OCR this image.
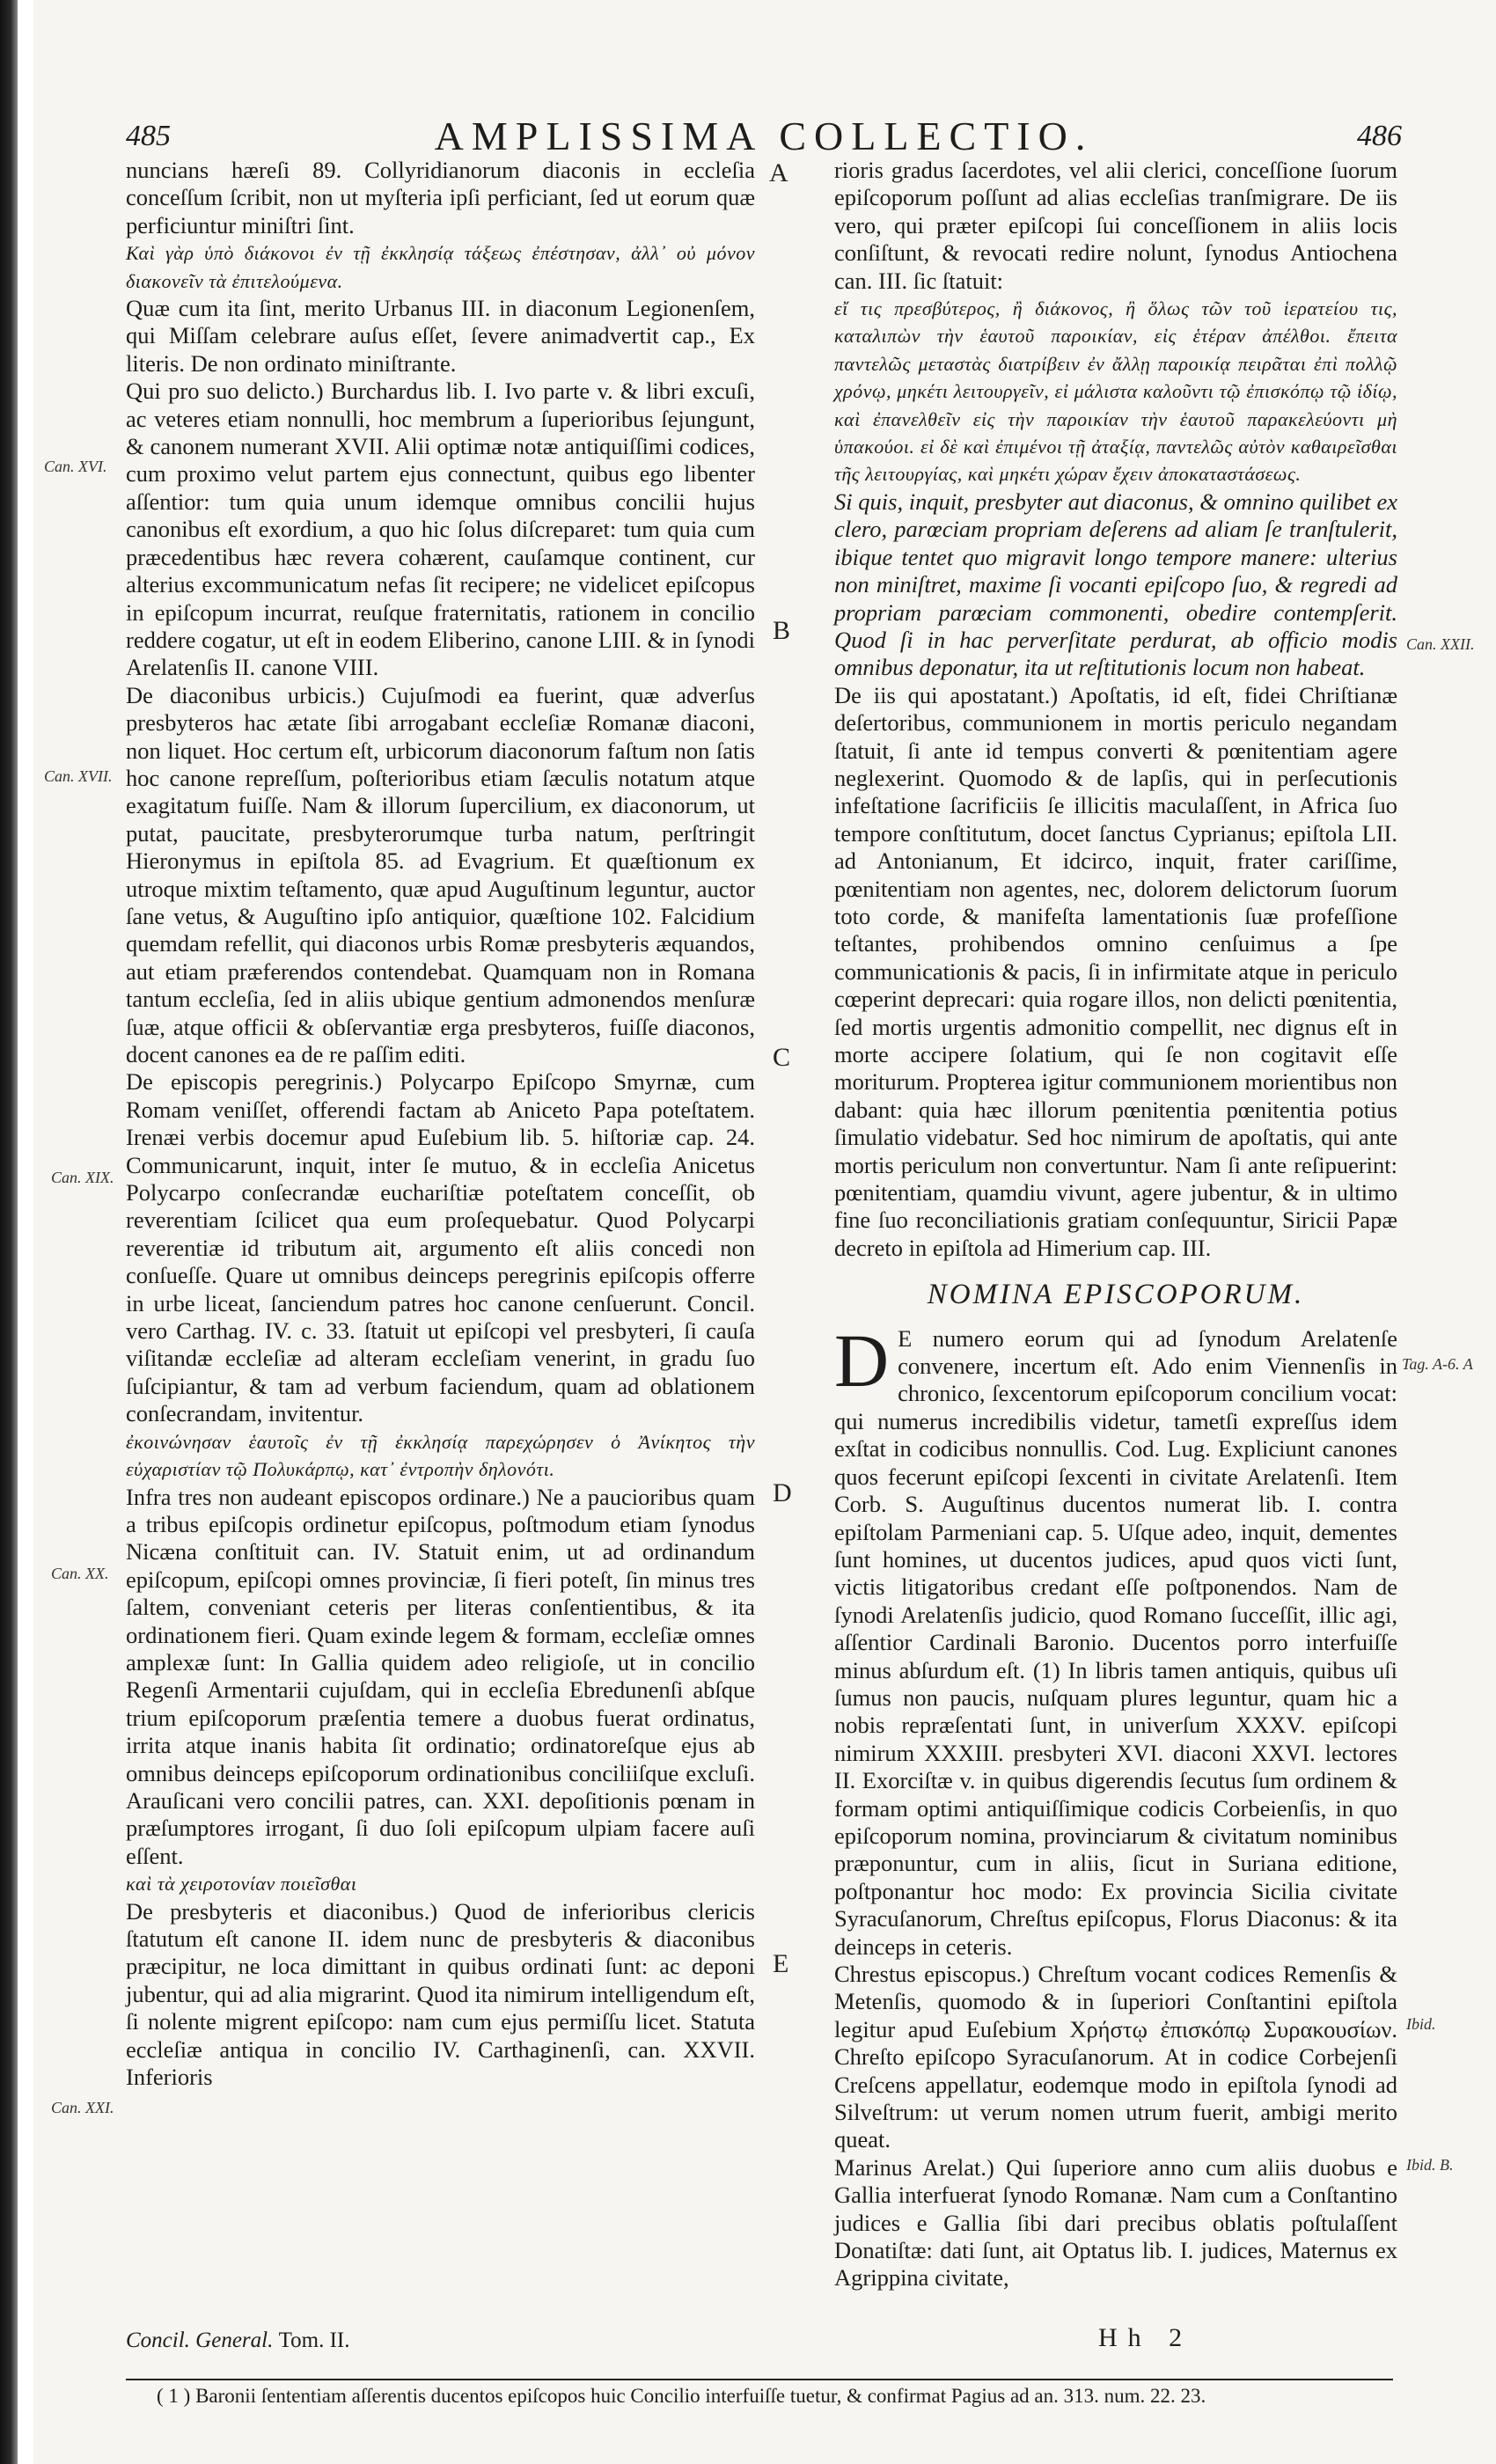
485	AMPLISSIMA COLLECTIO.	486

nuncians hæreſi 89. Collyridianorum diaconis in eccleſia conceſſum ſcribit, non ut myſteria ipſi perficiant, ſed ut eorum quæ perficiuntur miniſtri ſint.

Καὶ γὰρ ὑπὸ διάκονοι ἐν τῇ ἐκκλησίᾳ τάξεως ἐπέστησαν, ἀλλ᾽ οὐ μόνον διακονεῖν τὰ ἐπιτελούμενα.

Quæ cum ita ſint, merito Urbanus III. in diaconum Legionenſem, qui Miſſam celebrare auſus eſſet, ſevere animadvertit cap., Ex literis. De non ordinato miniſtrante.

Qui pro suo delicto.) Burchardus lib. I. Ivo parte v. & libri excuſi, ac veteres etiam nonnulli, hoc membrum a ſuperioribus ſejungunt, & canonem numerant XVII. Alii optimæ notæ antiquiſſimi codices, cum proximo velut partem ejus connectunt, quibus ego libenter aſſentior: tum quia unum idemque omnibus concilii hujus canonibus eſt exordium, a quo hic ſolus diſcreparet: tum quia cum præcedentibus hæc revera cohærent, cauſamque continent, cur alterius excommunicatum nefas ſit recipere; ne videlicet epiſcopus in epiſcopum incurrat, reuſque fraternitatis, rationem in concilio reddere cogatur, ut eſt in eodem Eliberino, canone LIII. & in ſynodi Arelatenſis II. canone VIII.

De diaconibus urbicis.) Cujuſmodi ea fuerint, quæ adverſus presbyteros hac ætate ſibi arrogabant eccleſiæ Romanæ diaconi, non liquet. Hoc certum eſt, urbicorum diaconorum faſtum non ſatis hoc canone repreſſum, poſterioribus etiam ſæculis notatum atque exagitatum fuiſſe. Nam & illorum ſupercilium, ex diaconorum, ut putat, paucitate, presbyterorumque turba natum, perſtringit Hieronymus in epiſtola 85. ad Evagrium. Et quæſtionum ex utroque mixtim teſtamento, quæ apud Auguſtinum leguntur, auctor ſane vetus, & Auguſtino ipſo antiquior, quæſtione 102. Falcidium quemdam refellit, qui diaconos urbis Romæ presbyteris æquandos, aut etiam præferendos contendebat. Quamquam non in Romana tantum eccleſia, ſed in aliis ubique gentium admonendos menſuræ ſuæ, atque officii & obſervantiæ erga presbyteros, fuiſſe diaconos, docent canones ea de re paſſim editi.

De episcopis peregrinis.) Polycarpo Epiſcopo Smyrnæ, cum Romam veniſſet, offerendi factam ab Aniceto Papa poteſtatem. Irenæi verbis docemur apud Euſebium lib. 5. hiſtoriæ cap. 24. Communicarunt, inquit, inter ſe mutuo, & in eccleſia Anicetus Polycarpo conſecrandæ euchariſtiæ poteſtatem conceſſit, ob reverentiam ſcilicet qua eum proſequebatur. Quod Polycarpi reverentiæ id tributum ait, argumento eſt aliis concedi non conſueſſe. Quare ut omnibus deinceps peregrinis epiſcopis offerre in urbe liceat, ſanciendum patres hoc canone cenſuerunt. Concil. vero Carthag. IV. c. 33. ſtatuit ut epiſcopi vel presbyteri, ſi cauſa viſitandæ eccleſiæ ad alteram eccleſiam venerint, in gradu ſuo ſuſcipiantur, & tam ad verbum faciendum, quam ad oblationem conſecrandam, invitentur.

ἐκοινώνησαν ἑαυτοῖς ἐν τῇ ἐκκλησίᾳ παρεχώρησεν ὁ Ἀνίκητος τὴν εὐχαριστίαν τῷ Πολυκάρπῳ, κατ᾽ ἐντροπὴν δηλονότι.

Infra tres non audeant episcopos ordinare.) Ne a paucioribus quam a tribus epiſcopis ordinetur epiſcopus, poſtmodum etiam ſynodus Nicæna conſtituit can. IV. Statuit enim, ut ad ordinandum epiſcopum, epiſcopi omnes provinciæ, ſi fieri poteſt, ſin minus tres ſaltem, conveniant ceteris per literas conſentientibus, & ita ordinationem fieri. Quam exinde legem & formam, eccleſiæ omnes amplexæ ſunt: In Gallia quidem adeo religioſe, ut in concilio Regenſi Armentarii cujuſdam, qui in eccleſia Ebredunenſi abſque trium epiſcoporum præſentia temere a duobus fuerat ordinatus, irrita atque inanis habita ſit ordinatio; ordinatoreſque ejus ab omnibus deinceps epiſcoporum ordinationibus conciliiſque excluſi. Arauſicani vero concilii patres, can. XXI. depoſitionis pœnam in præſumptores irrogant, ſi duo ſoli epiſcopum ulpiam facere auſi eſſent.

καὶ τὰ χειροτονίαν ποιεῖσθαι

De presbyteris et diaconibus.) Quod de inferioribus clericis ſtatutum eſt canone II. idem nunc de presbyteris & diaconibus præcipitur, ne loca dimittant in quibus ordinati ſunt: ac deponi jubentur, qui ad alia migrarint. Quod ita nimirum intelligendum eſt, ſi nolente migrent epiſcopo: nam cum ejus permiſſu licet. Statuta eccleſiæ antiqua in concilio IV. Carthaginenſi, can. XXVII. Inferioris

rioris gradus ſacerdotes, vel alii clerici, conceſſione ſuorum epiſcoporum poſſunt ad alias eccleſias tranſmigrare. De iis vero, qui præter epiſcopi ſui conceſſionem in aliis locis conſiſtunt, & revocati redire nolunt, ſynodus Antiochena can. III. ſic ſtatuit:

εἴ τις πρεσβύτερος, ἢ διάκονος, ἢ ὅλως τῶν τοῦ ἱερατείου τις, καταλιπὼν τὴν ἑαυτοῦ παροικίαν, εἰς ἑτέραν ἀπέλθοι. ἔπειτα παντελῶς μεταστὰς διατρίβειν ἐν ἄλλῃ παροικίᾳ πειρᾶται ἐπὶ πολλῷ χρόνῳ, μηκέτι λειτουργεῖν, εἰ μάλιστα καλοῦντι τῷ ἐπισκόπῳ τῷ ἰδίῳ, καὶ ἐπανελθεῖν εἰς τὴν παροικίαν τὴν ἑαυτοῦ παρακελεύοντι μὴ ὑπακούοι. εἰ δὲ καὶ ἐπιμένοι τῇ ἀταξίᾳ, παντελῶς αὐτὸν καθαιρεῖσθαι τῆς λειτουργίας, καὶ μηκέτι χώραν ἔχειν ἀποκαταστάσεως.

Si quis, inquit, presbyter aut diaconus, & omnino quilibet ex clero, parœciam propriam deſerens ad aliam ſe tranſtulerit, ibique tentet quo migravit longo tempore manere: ulterius non miniſtret, maxime ſi vocanti epiſcopo ſuo, & regredi ad propriam parœciam commonenti, obedire contempſerit. Quod ſi in hac perverſitate perdurat, ab officio modis omnibus deponatur, ita ut reſtitutionis locum non habeat.

De iis qui apostatant.) Apoſtatis, id eſt, fidei Chriſtianæ deſertoribus, communionem in mortis periculo negandam ſtatuit, ſi ante id tempus converti & pœnitentiam agere neglexerint. Quomodo & de lapſis, qui in perſecutionis infeſtatione ſacrificiis ſe illicitis maculaſſent, in Africa ſuo tempore conſtitutum, docet ſanctus Cyprianus; epiſtola LII. ad Antonianum, Et idcirco, inquit, frater cariſſime, pœnitentiam non agentes, nec, dolorem delictorum ſuorum toto corde, & manifeſta lamentationis ſuæ profeſſione teſtantes, prohibendos omnino cenſuimus a ſpe communicationis & pacis, ſi in infirmitate atque in periculo cœperint deprecari: quia rogare illos, non delicti pœnitentia, ſed mortis urgentis admonitio compellit, nec dignus eſt in morte accipere ſolatium, qui ſe non cogitavit eſſe moriturum. Propterea igitur communionem morientibus non dabant: quia hæc illorum pœnitentia pœnitentia potius ſimulatio videbatur. Sed hoc nimirum de apoſtatis, qui ante mortis periculum non convertuntur. Nam ſi ante reſipuerint: pœnitentiam, quamdiu vivunt, agere jubentur, & in ultimo fine ſuo reconciliationis gratiam conſequuntur, Siricii Papæ decreto in epiſtola ad Himerium cap. III.

NOMINA EPISCOPORUM.

D E numero eorum qui ad ſynodum Arelatenſe convenere, incertum eſt. Ado enim Viennenſis in chronico, ſexcentorum epiſcoporum concilium vocat: qui numerus incredibilis videtur, tametſi expreſſus idem exſtat in codicibus nonnullis. Cod. Lug. Expliciunt canones quos fecerunt epiſcopi ſexcenti in civitate Arelatenſi. Item Corb. S. Auguſtinus ducentos numerat lib. I. contra epiſtolam Parmeniani cap. 5. Uſque adeo, inquit, dementes ſunt homines, ut ducentos judices, apud quos victi ſunt, victis litigatoribus credant eſſe poſtponendos. Nam de ſynodi Arelatenſis judicio, quod Romano ſucceſſit, illic agi, aſſentior Cardinali Baronio. Ducentos porro interfuiſſe minus abſurdum eſt. (1) In libris tamen antiquis, quibus uſi ſumus non paucis, nuſquam plures leguntur, quam hic a nobis repræſentati ſunt, in univerſum XXXV. epiſcopi nimirum XXXIII. presbyteri XVI. diaconi XXVI. lectores II. Exorciſtæ v. in quibus digerendis ſecutus ſum ordinem & formam optimi antiquiſſimique codicis Corbeienſis, in quo epiſcoporum nomina, provinciarum & civitatum nominibus præponuntur, cum in aliis, ſicut in Suriana editione, poſtponantur hoc modo: Ex provincia Sicilia civitate Syracuſanorum, Chreſtus epiſcopus, Florus Diaconus: & ita deinceps in ceteris.

Chrestus episcopus.) Chreſtum vocant codices Remenſis & Metenſis, quomodo & in ſuperiori Conſtantini epiſtola legitur apud Euſebium Χρήστῳ ἐπισκόπῳ Συρακουσίων. Chreſto epiſcopo Syracuſanorum. At in codice Corbejenſi Creſcens appellatur, eodemque modo in epiſtola ſynodi ad Silveſtrum: ut verum nomen utrum fuerit, ambigi merito queat.

Marinus Arelat.) Qui ſuperiore anno cum aliis duobus e Gallia interfuerat ſynodo Romanæ. Nam cum a Conſtantino judices e Gallia ſibi dari precibus oblatis poſtulaſſent Donatiſtæ: dati ſunt, ait Optatus lib. I. judices, Maternus ex Agrippina civitate,

Can. XVI.
Can. XVII.
Can. XIX.
Can. XX.
Can. XXI.
Can. XXII.
Tag. A-6. A
Ibid.
Ibid. B.
A
B
C
D
E
Concil. General. Tom. II.	Hh 2
( 1 ) Baronii ſententiam aſſerentis ducentos epiſcopos huic Concilio interfuiſſe tuetur, & confirmat Pagius ad an. 313. num. 22. 23.
